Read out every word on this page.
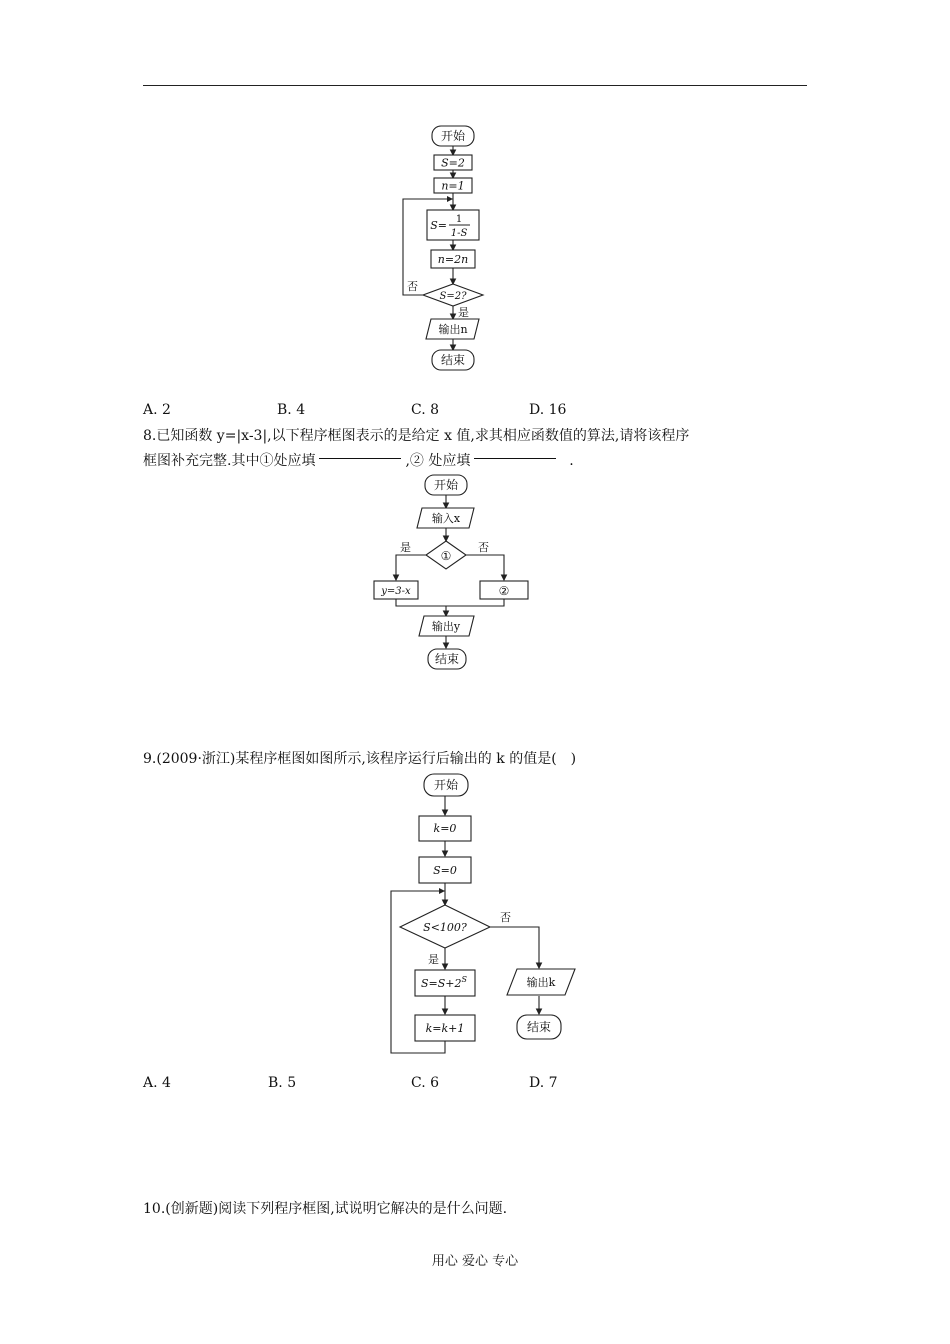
开始
S=2
n=1
S= 1
1-S
n=2n
S=2?
否
是
输出n
结束
A. 2	B. 4	C. 8	D. 16
8.已知函数 y=|x-3|,以下程序框图表示的是给定 x 值,求其相应函数值的算法,请将该程序
框图补充完整.其中①处应填	,② 处应填	.
开始
输入x
①
是	否
y=3-x	②
输出y
结束
9.(2009·浙江)某程序框图如图所示,该程序运行后输出的 k 的值是(　)
开始
k=0
S=0
S<100?
否
是
$S=S+2^S$
k=k+1
输出k
结束
A. 4	B. 5	C. 6	D. 7
10.(创新题)阅读下列程序框图,试说明它解决的是什么问题.
用心 爱心 专心
